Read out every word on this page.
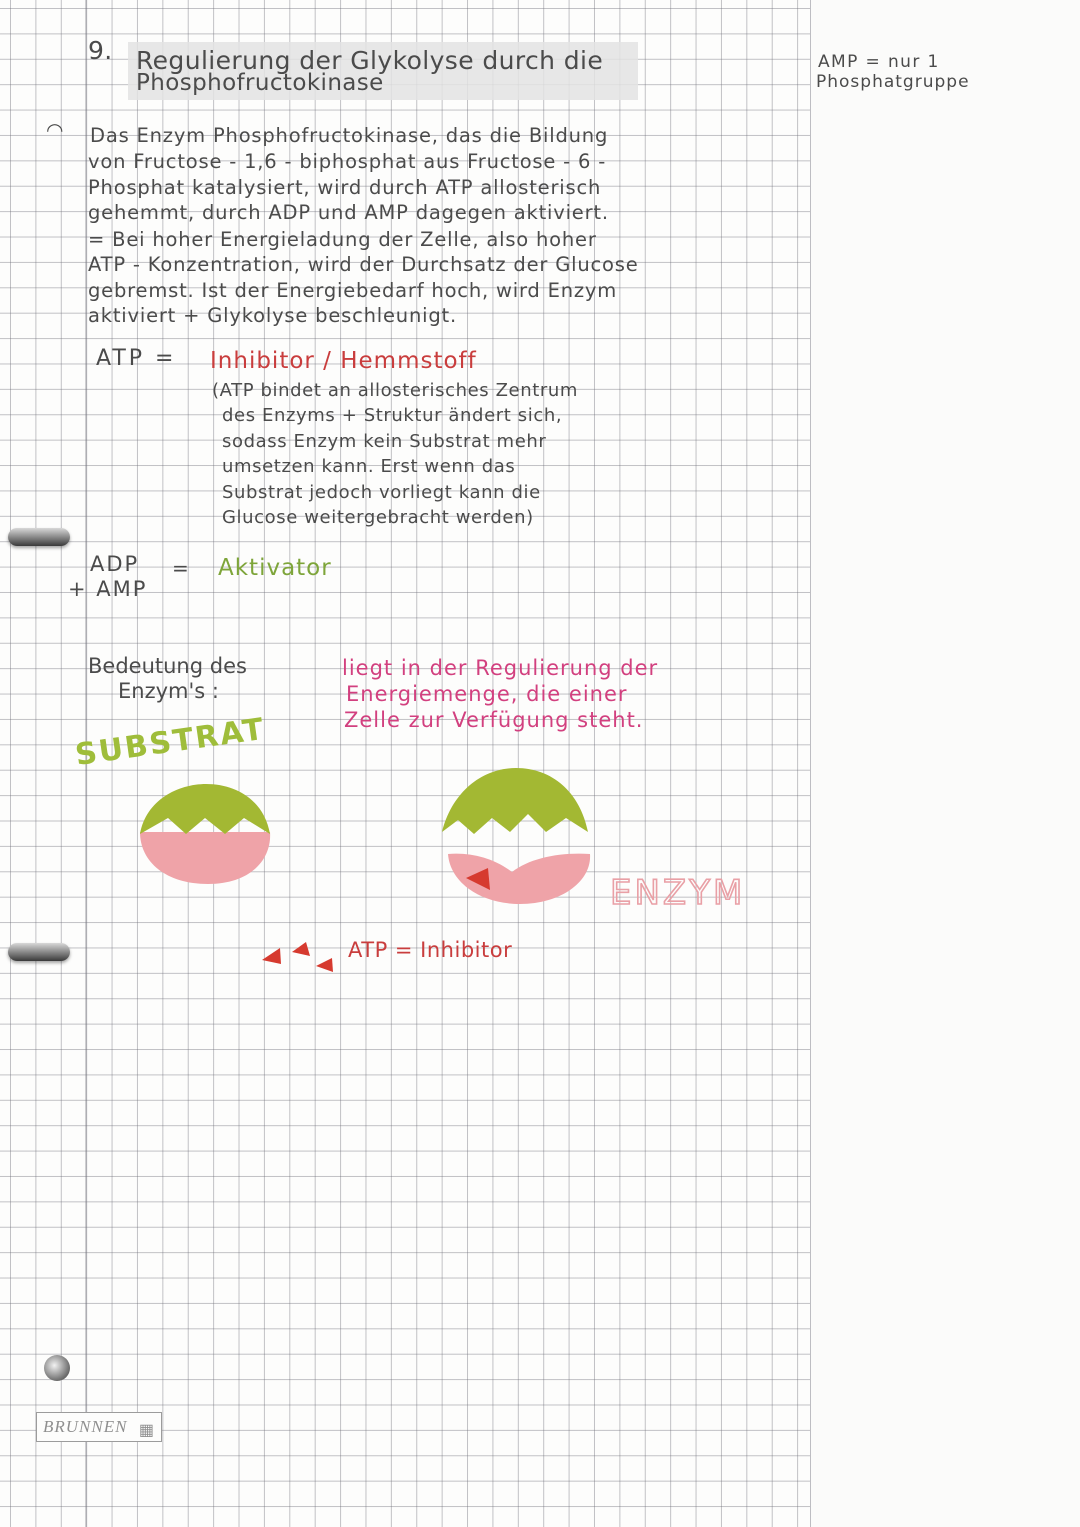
AMP = nur 1
Phosphatgruppe
9. Regulierung der Glykolyse durch die
Phosphofructokinase
◠ Das Enzym Phosphofructokinase, das die Bildung
von Fructose - 1,6 - biphosphat aus Fructose - 6 -
Phosphat katalysiert, wird durch ATP allosterisch
gehemmt, durch ADP und AMP dagegen aktiviert.
= Bei hoher Energieladung der Zelle, also hoher
ATP - Konzentration, wird der Durchsatz der Glucose
gebremst. Ist der Energiebedarf hoch, wird Enzym
aktiviert + Glykolyse beschleunigt.
ATP = Inhibitor / Hemmstoff
(ATP bindet an allosterisches Zentrum
des Enzyms + Struktur ändert sich,
sodass Enzym kein Substrat mehr
umsetzen kann. Erst wenn das
Substrat jedoch vorliegt kann die
Glucose weitergebracht werden)
ADP
+ AMP
= Aktivator
Bedeutung des
Enzym's :
liegt in der Regulierung der
Energiemenge, die einer
Zelle zur Verfügung steht.
SUBSTRAT
ENZYM
ATP = Inhibitor
BRUNNEN ▦
